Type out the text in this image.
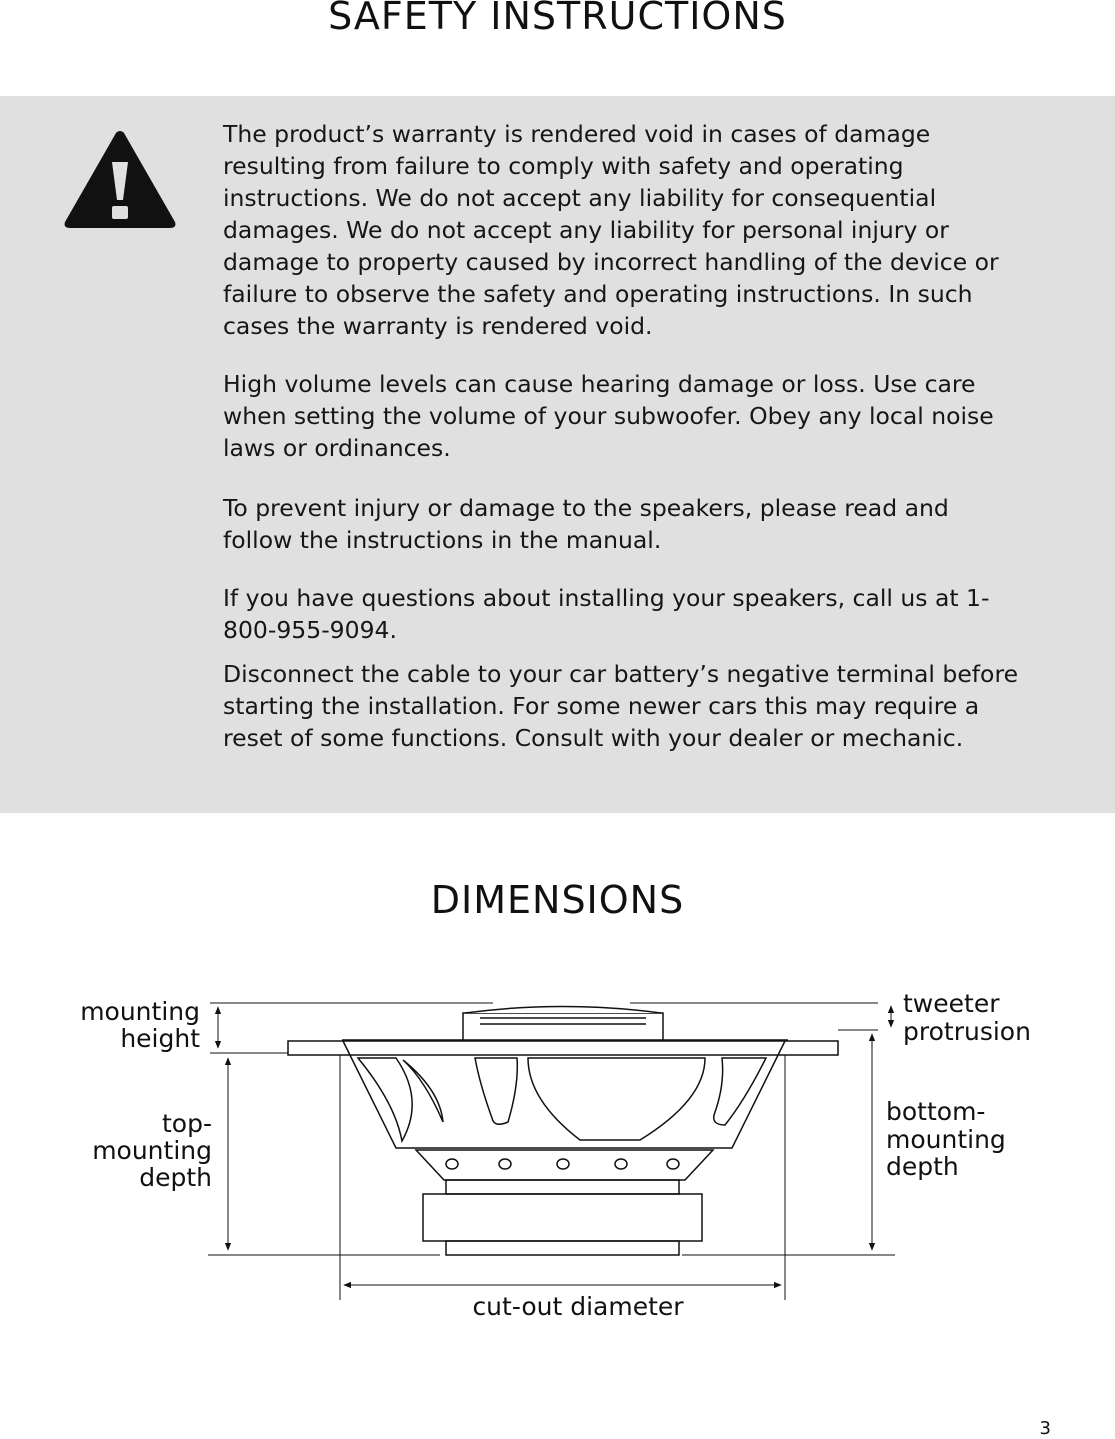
SAFETY INSTRUCTIONS

The product’s warranty is rendered void in cases of damage resulting from failure to comply with safety and operating instructions. We do not accept any liability for consequential damages. We do not accept any liability for personal injury or damage to property caused by incorrect handling of the device or failure to observe the safety and operating instructions. In such cases the warranty is rendered void.

High volume levels can cause hearing damage or loss. Use care when setting the volume of your subwoofer. Obey any local noise laws or ordinances.

To prevent injury or damage to the speakers, please read and follow the instructions in the manual.

If you have questions about installing your speakers, call us at 1-800-955-9094.

Disconnect the cable to your car battery’s negative terminal before starting the installation. For some newer cars this may require a reset of some functions. Consult with your dealer or mechanic.

DIMENSIONS
mounting
height
top-
mounting
depth
tweeter
protrusion
bottom-
mounting
depth
cut-out diameter
3
